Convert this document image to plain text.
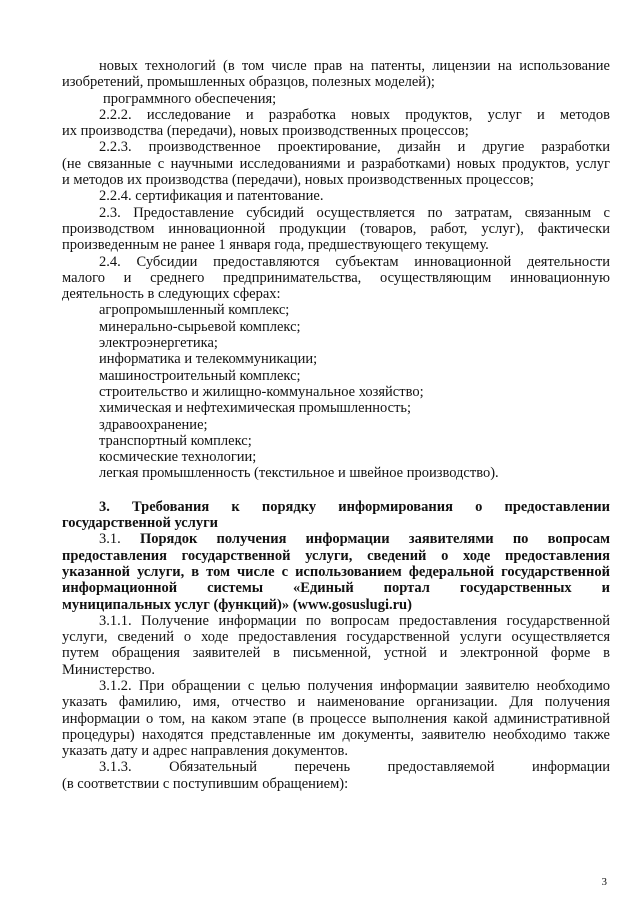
новых технологий (в том числе прав на патенты, лицензии на использование

изобретений, промышленных образцов, полезных моделей);

программного обеспечения;

2.2.2. исследование и разработка новых продуктов, услуг и методов

их производства (передачи), новых производственных процессов;

2.2.3. производственное проектирование, дизайн и другие разработки

(не связанные с научными исследованиями и разработками) новых продуктов, услуг

и методов их производства (передачи), новых производственных процессов;

2.2.4. сертификация и патентование.

2.3. Предоставление субсидий осуществляется по затратам, связанным с

производством инновационной продукции (товаров, работ, услуг), фактически

произведенным не ранее 1 января года, предшествующего текущему.

2.4. Субсидии предоставляются субъектам инновационной деятельности

малого и среднего предпринимательства, осуществляющим инновационную

деятельность в следующих сферах:

агропромышленный комплекс;

минерально-сырьевой комплекс;

электроэнергетика;

информатика и телекоммуникации;

машиностроительный комплекс;

строительство и жилищно-коммунальное хозяйство;

химическая и нефтехимическая промышленность;

здравоохранение;

транспортный комплекс;

космические технологии;

легкая промышленность (текстильное и швейное производство).

3. Требования к порядку информирования о предоставлении

государственной услуги

3.1. Порядок получения информации заявителями по вопросам

предоставления государственной услуги, сведений о ходе предоставления

указанной услуги, в том числе с использованием федеральной государственной

информационной системы «Единый портал государственных и

муниципальных услуг (функций)» (www.gosuslugi.ru)

3.1.1. Получение информации по вопросам предоставления государственной

услуги, сведений о ходе предоставления государственной услуги осуществляется

путем обращения заявителей в письменной, устной и электронной форме в

Министерство.

3.1.2. При обращении с целью получения информации заявителю необходимо

указать фамилию, имя, отчество и наименование организации. Для получения

информации о том, на каком этапе (в процессе выполнения какой административной

процедуры) находятся представленные им документы, заявителю необходимо также

указать дату и адрес направления документов.

3.1.3. Обязательный перечень предоставляемой информации

(в соответствии с поступившим обращением):

3
